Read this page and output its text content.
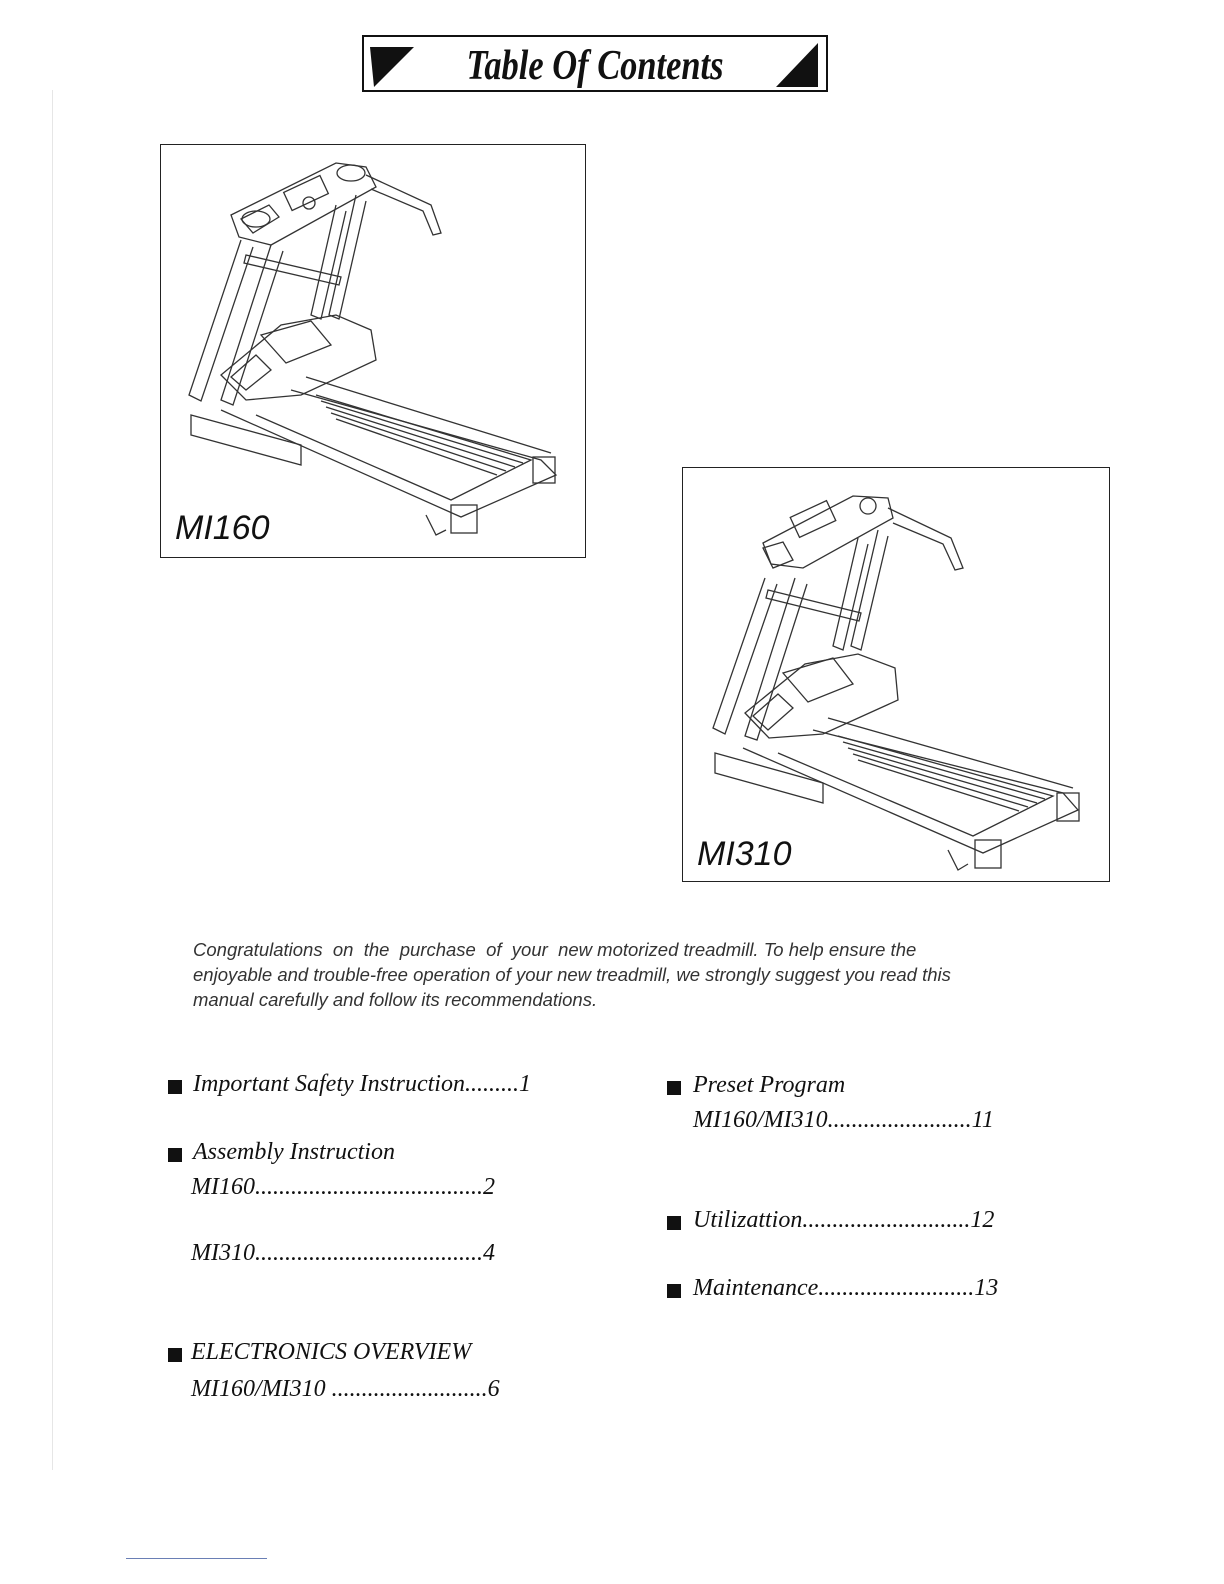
Table Of Contents
MI160
MI310
Congratulations  on  the  purchase  of  your  new motorized treadmill. To help ensure the
enjoyable and trouble-free operation of your new treadmill, we strongly suggest you read this
manual carefully and follow its recommendations.
Important Safety Instruction.........1
Assembly Instruction
MI160......................................2
MI310......................................4
ELECTRONICS OVERVIEW
MI160/MI310 ..........................6
Preset Program
MI160/MI310........................11
Utilizattion............................12
Maintenance..........................13
